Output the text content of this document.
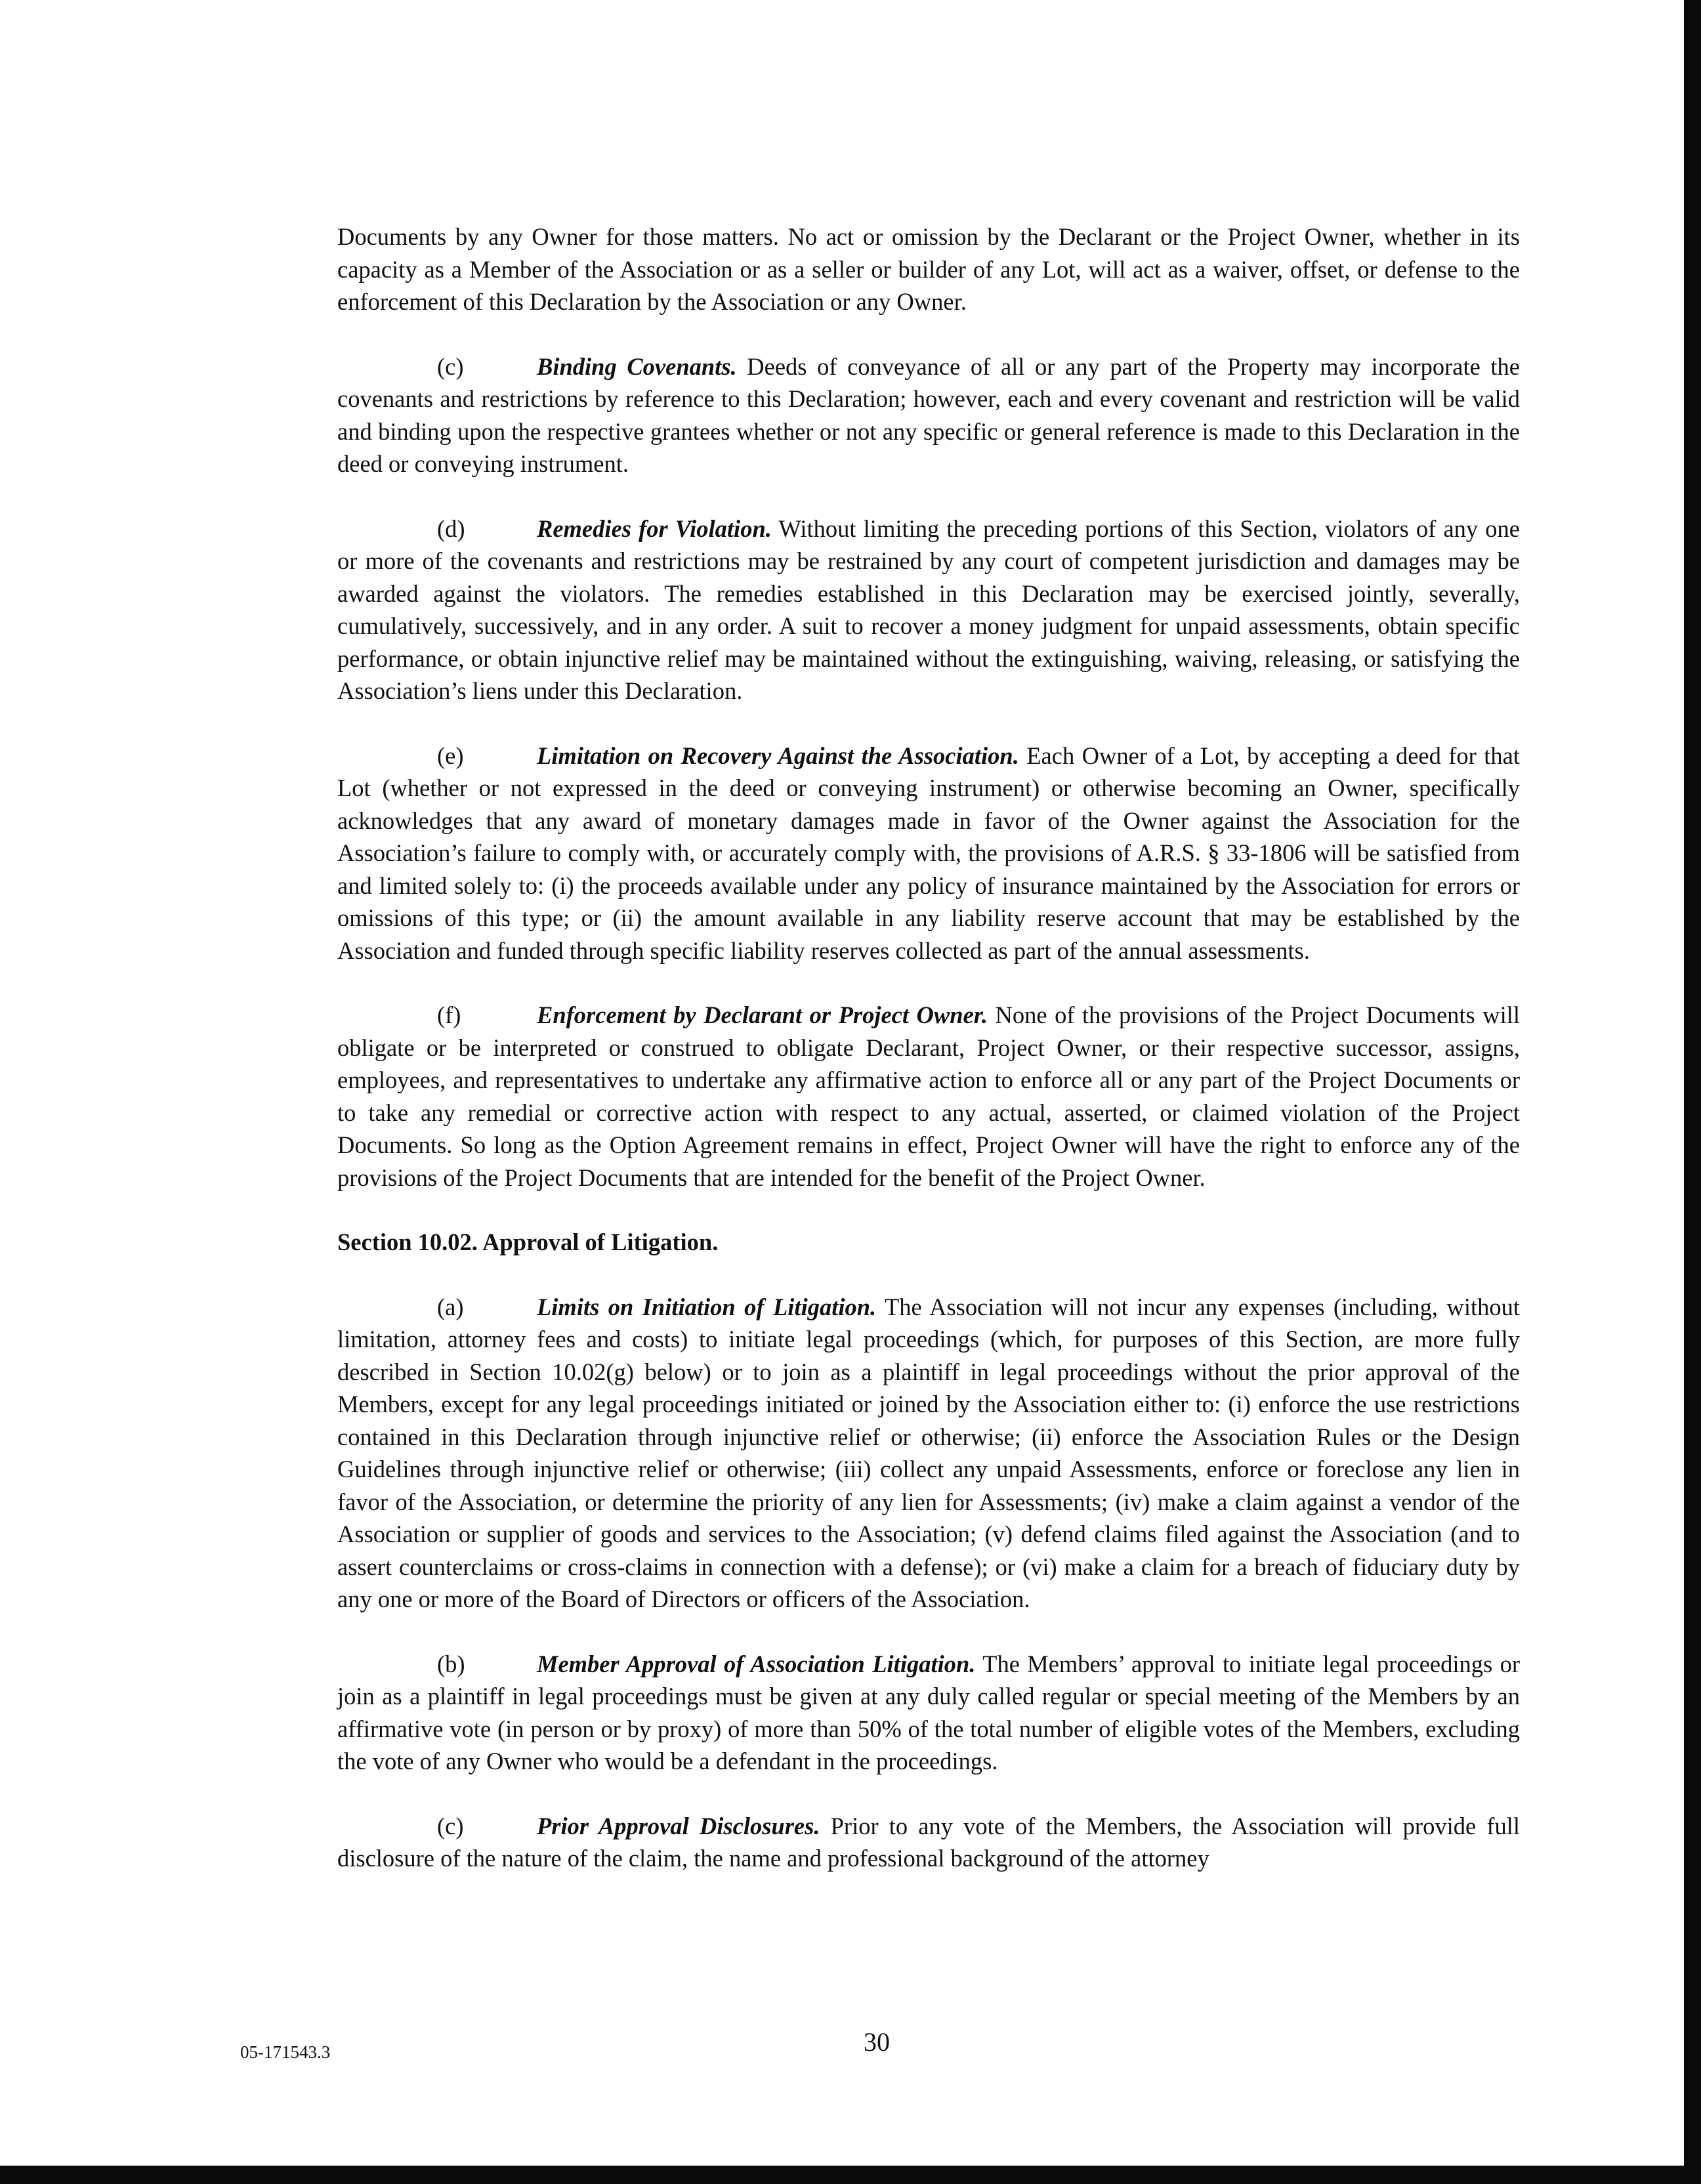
Documents by any Owner for those matters. No act or omission by the Declarant or the Project Owner, whether in its capacity as a Member of the Association or as a seller or builder of any Lot, will act as a waiver, offset, or defense to the enforcement of this Declaration by the Association or any Owner.

(c)	Binding Covenants. Deeds of conveyance of all or any part of the Property may incorporate the covenants and restrictions by reference to this Declaration; however, each and every covenant and restriction will be valid and binding upon the respective grantees whether or not any specific or general reference is made to this Declaration in the deed or conveying instrument.

(d)	Remedies for Violation. Without limiting the preceding portions of this Section, violators of any one or more of the covenants and restrictions may be restrained by any court of competent jurisdiction and damages may be awarded against the violators. The remedies established in this Declaration may be exercised jointly, severally, cumulatively, successively, and in any order. A suit to recover a money judgment for unpaid assessments, obtain specific performance, or obtain injunctive relief may be maintained without the extinguishing, waiving, releasing, or satisfying the Association’s liens under this Declaration.

(e)	Limitation on Recovery Against the Association. Each Owner of a Lot, by accepting a deed for that Lot (whether or not expressed in the deed or conveying instrument) or otherwise becoming an Owner, specifically acknowledges that any award of monetary damages made in favor of the Owner against the Association for the Association’s failure to comply with, or accurately comply with, the provisions of A.R.S. § 33-1806 will be satisfied from and limited solely to: (i) the proceeds available under any policy of insurance maintained by the Association for errors or omissions of this type; or (ii) the amount available in any liability reserve account that may be established by the Association and funded through specific liability reserves collected as part of the annual assessments.

(f)	Enforcement by Declarant or Project Owner. None of the provisions of the Project Documents will obligate or be interpreted or construed to obligate Declarant, Project Owner, or their respective successor, assigns, employees, and representatives to undertake any affirmative action to enforce all or any part of the Project Documents or to take any remedial or corrective action with respect to any actual, asserted, or claimed violation of the Project Documents. So long as the Option Agreement remains in effect, Project Owner will have the right to enforce any of the provisions of the Project Documents that are intended for the benefit of the Project Owner.

Section 10.02. Approval of Litigation.

(a)	Limits on Initiation of Litigation. The Association will not incur any expenses (including, without limitation, attorney fees and costs) to initiate legal proceedings (which, for purposes of this Section, are more fully described in Section 10.02(g) below) or to join as a plaintiff in legal proceedings without the prior approval of the Members, except for any legal proceedings initiated or joined by the Association either to: (i) enforce the use restrictions contained in this Declaration through injunctive relief or otherwise; (ii) enforce the Association Rules or the Design Guidelines through injunctive relief or otherwise; (iii) collect any unpaid Assessments, enforce or foreclose any lien in favor of the Association, or determine the priority of any lien for Assessments; (iv) make a claim against a vendor of the Association or supplier of goods and services to the Association; (v) defend claims filed against the Association (and to assert counterclaims or cross-claims in connection with a defense); or (vi) make a claim for a breach of fiduciary duty by any one or more of the Board of Directors or officers of the Association.

(b)	Member Approval of Association Litigation. The Members’ approval to initiate legal proceedings or join as a plaintiff in legal proceedings must be given at any duly called regular or special meeting of the Members by an affirmative vote (in person or by proxy) of more than 50% of the total number of eligible votes of the Members, excluding the vote of any Owner who would be a defendant in the proceedings.

(c)	Prior Approval Disclosures. Prior to any vote of the Members, the Association will provide full disclosure of the nature of the claim, the name and professional background of the attorney

05-171543.3	30
